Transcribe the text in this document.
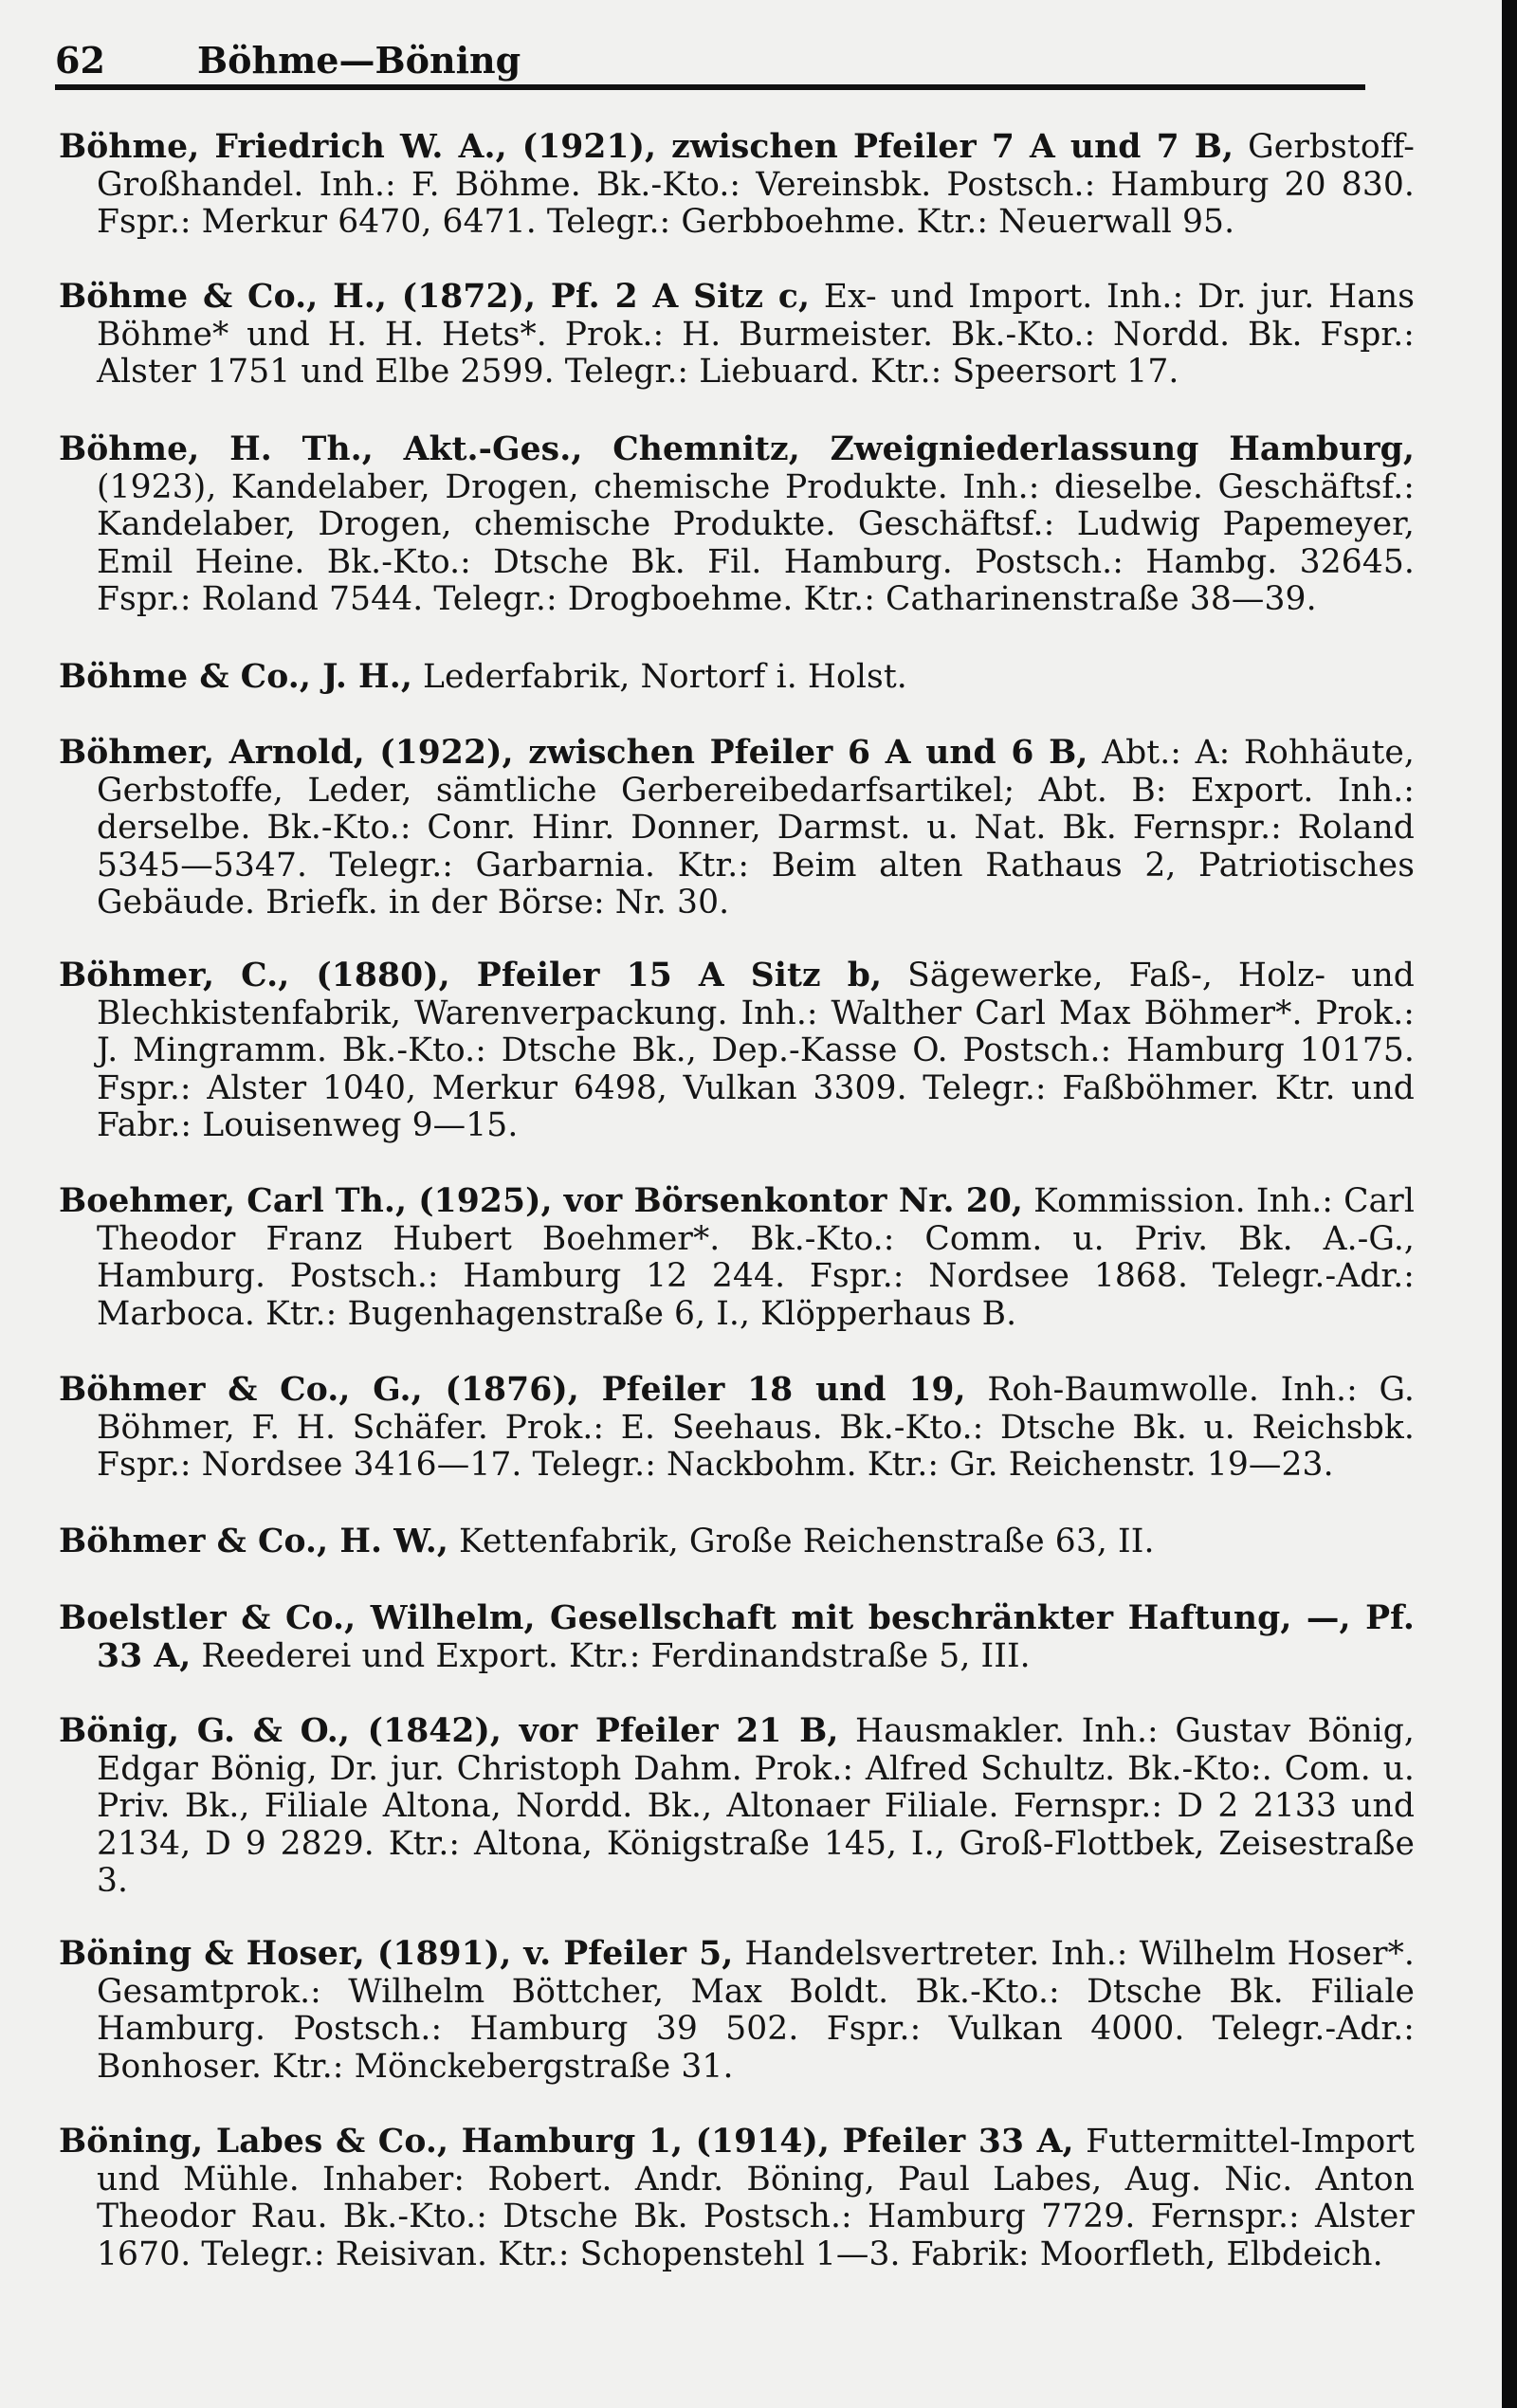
62	Böhme—Böning
Böhme, Friedrich W. A., (1921), zwischen Pfeiler 7 A und 7 B, Gerbstoff-Großhandel. Inh.: F. Böhme. Bk.-Kto.: Vereinsbk. Postsch.: Hamburg 20 830. Fspr.: Merkur 6470, 6471. Telegr.: Gerbboehme. Ktr.: Neuerwall 95.
Böhme & Co., H., (1872), Pf. 2 A Sitz c, Ex- und Import. Inh.: Dr. jur. Hans Böhme* und H. H. Hets*. Prok.: H. Burmeister. Bk.-Kto.: Nordd. Bk. Fspr.: Alster 1751 und Elbe 2599. Telegr.: Liebuard. Ktr.: Speersort 17.
Böhme, H. Th., Akt.-Ges., Chemnitz, Zweigniederlassung Hamburg, (1923), Kandelaber, Drogen, chemische Produkte. Inh.: dieselbe. Geschäftsf.: Kandelaber, Drogen, chemische Produkte. Geschäftsf.: Ludwig Papemeyer, Emil Heine. Bk.-Kto.: Dtsche Bk. Fil. Hamburg. Postsch.: Hambg. 32645. Fspr.: Roland 7544. Telegr.: Drogboehme. Ktr.: Catharinenstraße 38—39.
Böhme & Co., J. H., Lederfabrik, Nortorf i. Holst.
Böhmer, Arnold, (1922), zwischen Pfeiler 6 A und 6 B, Abt.: A: Rohhäute, Gerbstoffe, Leder, sämtliche Gerbereibedarfsartikel; Abt. B: Export. Inh.: derselbe. Bk.-Kto.: Conr. Hinr. Donner, Darmst. u. Nat. Bk. Fernspr.: Roland 5345—5347. Telegr.: Garbarnia. Ktr.: Beim alten Rathaus 2, Patriotisches Gebäude. Briefk. in der Börse: Nr. 30.
Böhmer, C., (1880), Pfeiler 15 A Sitz b, Sägewerke, Faß-, Holz- und Blechkistenfabrik, Warenverpackung. Inh.: Walther Carl Max Böhmer*. Prok.: J. Mingramm. Bk.-Kto.: Dtsche Bk., Dep.-Kasse O. Postsch.: Hamburg 10175. Fspr.: Alster 1040, Merkur 6498, Vulkan 3309. Telegr.: Faßböhmer. Ktr. und Fabr.: Louisenweg 9—15.
Boehmer, Carl Th., (1925), vor Börsenkontor Nr. 20, Kommission. Inh.: Carl Theodor Franz Hubert Boehmer*. Bk.-Kto.: Comm. u. Priv. Bk. A.-G., Hamburg. Postsch.: Hamburg 12 244. Fspr.: Nordsee 1868. Telegr.-Adr.: Marboca. Ktr.: Bugenhagenstraße 6, I., Klöpperhaus B.
Böhmer & Co., G., (1876), Pfeiler 18 und 19, Roh-Baumwolle. Inh.: G. Böhmer, F. H. Schäfer. Prok.: E. Seehaus. Bk.-Kto.: Dtsche Bk. u. Reichsbk. Fspr.: Nordsee 3416—17. Telegr.: Nackbohm. Ktr.: Gr. Reichenstr. 19—23.
Böhmer & Co., H. W., Kettenfabrik, Große Reichenstraße 63, II.
Boelstler & Co., Wilhelm, Gesellschaft mit beschränkter Haftung, —, Pf. 33 A, Reederei und Export. Ktr.: Ferdinandstraße 5, III.
Bönig, G. & O., (1842), vor Pfeiler 21 B, Hausmakler. Inh.: Gustav Bönig, Edgar Bönig, Dr. jur. Christoph Dahm. Prok.: Alfred Schultz. Bk.-Kto:. Com. u. Priv. Bk., Filiale Altona, Nordd. Bk., Altonaer Filiale. Fernspr.: D 2 2133 und 2134, D 9 2829. Ktr.: Altona, Königstraße 145, I., Groß-Flottbek, Zeisestraße 3.
Böning & Hoser, (1891), v. Pfeiler 5, Handelsvertreter. Inh.: Wilhelm Hoser*. Gesamtprok.: Wilhelm Böttcher, Max Boldt. Bk.-Kto.: Dtsche Bk. Filiale Hamburg. Postsch.: Hamburg 39 502. Fspr.: Vulkan 4000. Telegr.-Adr.: Bonhoser. Ktr.: Mönckebergstraße 31.
Böning, Labes & Co., Hamburg 1, (1914), Pfeiler 33 A, Futtermittel-Import und Mühle. Inhaber: Robert. Andr. Böning, Paul Labes, Aug. Nic. Anton Theodor Rau. Bk.-Kto.: Dtsche Bk. Postsch.: Hamburg 7729. Fernspr.: Alster 1670. Telegr.: Reisivan. Ktr.: Schopenstehl 1—3. Fabrik: Moorfleth, Elbdeich.
